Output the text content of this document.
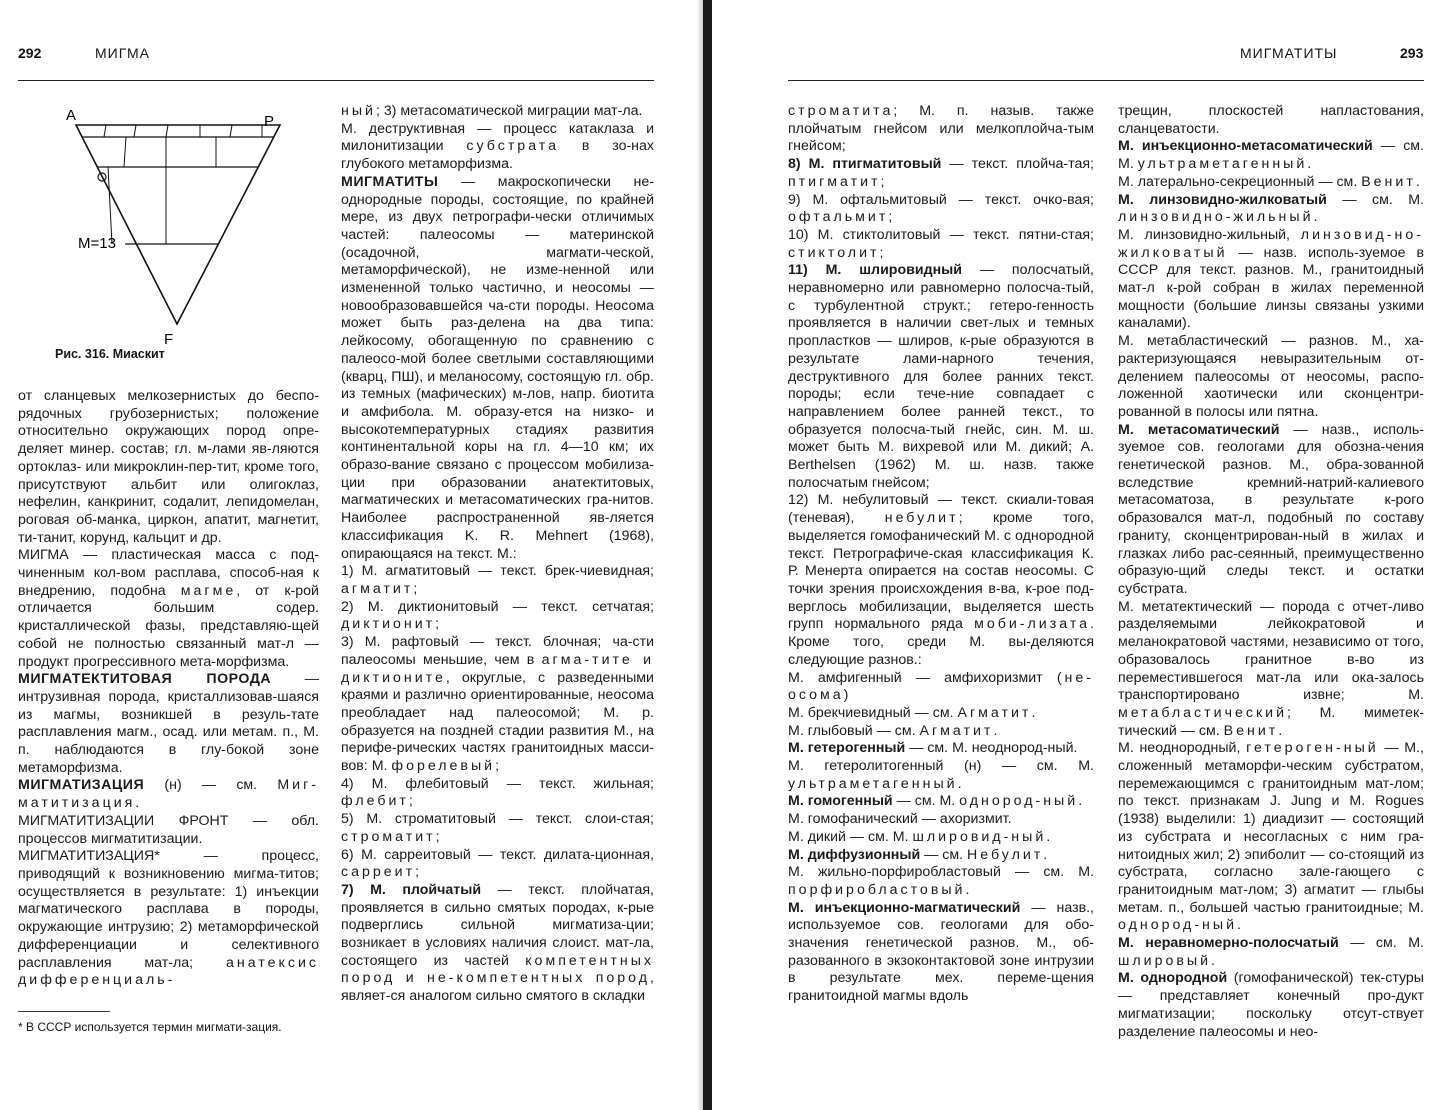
292	МИГМА
А	Р
М=13
F
Рис. 316. Миаскит

от сланцевых мелкозернистых до беспо-рядочных грубозернистых; положение относительно окружающих пород опре-деляет минер. состав; гл. м-лами яв-ляются ортоклаз- или микроклин-пер-тит, кроме того, присутствуют альбит или олигоклаз, нефелин, канкринит, содалит, лепидомелан, роговая об-манка, циркон, апатит, магнетит, ти-танит, корунд, кальцит и др.

МИГМА — пластическая масса с под-чиненным кол-вом расплава, способ-ная к внедрению, подобна магме, от к-рой отличается большим содер. кристаллической фазы, представляю-щей собой не полностью связанный мат-л — продукт прогрессивного мета-морфизма.

МИГМАТЕКТИТОВАЯ ПОРОДА — интрузивная порода, кристаллизовав-шаяся из магмы, возникшей в резуль-тате расплавления магм., осад. или метам. п., М. п. наблюдаются в глу-бокой зоне метаморфизма.

МИГМАТИЗАЦИЯ (н) — см. Миг-матитизация.

МИГМАТИТИЗАЦИИ ФРОНТ — обл. процессов мигматитизации.

МИГМАТИТИЗАЦИЯ* — процесс, приводящий к возникновению мигма-титов; осуществляется в результате: 1) инъекции магматического расплава в породы, окружающие интрузию; 2) метаморфической дифференциации и селективного расплавления мат-ла; анатексис дифференциаль-

* В СССР используется термин мигмати-зация.

ный; 3) метасоматической миграции мат-ла.

М. деструктивная — процесс катаклаза и милонитизации субстрата в зо-нах глубокого метаморфизма.

МИГМАТИТЫ — макроскопически не-однородные породы, состоящие, по крайней мере, из двух петрографи-чески отличимых частей: палеосомы — материнской (осадочной, магмати-ческой, метаморфической), не изме-ненной или измененной только частично, и неосомы — новообразовавшейся ча-сти породы. Неосома может быть раз-делена на два типа: лейкосому, обогащенную по сравнению с палеосо-мой более светлыми составляющими (кварц, ПШ), и меланосому, состоящую гл. обр. из темных (мафических) м-лов, напр. биотита и амфибола. М. образу-ется на низко- и высокотемпературных стадиях развития континентальной коры на гл. 4—10 км; их образо-вание связано с процессом мобилиза-ции при образовании анатектитовых, магматических и метасоматических гра-нитов. Наиболее распространенной яв-ляется классификация K. R. Mehnert (1968), опирающаяся на текст. М.:

1) М. агматитовый — текст. брек-чиевидная; агматит;

2) М. диктионитовый — текст. сетчатая; диктионит;

3) М. рафтовый — текст. блочная; ча-сти палеосомы меньшие, чем в агма-тите и диктионите, округлые, с разведенными краями и различно ориентированные, неосома преобладает над палеосомой; М. р. образуется на поздней стадии развития М., на перифе-рических частях гранитоидных масси-вов: М. форелевый;

4) М. флебитовый — текст. жильная; флебит;

5) М. строматитовый — текст. слои-стая; строматит;

6) М. сарреитовый — текст. дилата-ционная, сарреит;

7) М. плойчатый — текст. плойчатая, проявляется в сильно смятых породах, к-рые подверглись сильной мигматиза-ции; возникает в условиях наличия слоист. мат-ла, состоящего из частей компетентных пород и не-компетентных пород, являет-ся аналогом сильно смятого в складки

МИГМАТИТЫ	293

строматита; М. п. назыв. также плойчатым гнейсом или мелкоплойча-тым гнейсом;

8) М. птигматитовый — текст. плойча-тая; птигматит;

9) М. офтальмитовый — текст. очко-вая; офтальмит;

10) М. стиктолитовый — текст. пятни-стая; стиктолит;

11) М. шлировидный — полосчатый, неравномерно или равномерно полосча-тый, с турбулентной структ.; гетеро-генность проявляется в наличии свет-лых и темных пропластков — шлиров, к-рые образуются в результате лами-нарного течения, деструктивного для более ранних текст. породы; если тече-ние совпадает с направлением более ранней текст., то образуется полосча-тый гнейс, син. М. ш. может быть М. вихревой или М. дикий; A. Berthelsen (1962) М. ш. назв. также полосчатым гнейсом;

12) М. небулитовый — текст. скиали-товая (теневая), небулит; кроме того, выделяется гомофанический М. с однородной текст. Петрографиче-ская классификация К. Р. Менерта опирается на состав неосомы. С точки зрения происхождения в-ва, к-рое под-верглось мобилизации, выделяется шесть групп нормального ряда моби-лизата. Кроме того, среди М. вы-деляются следующие разнов.:

М. амфигенный — амфихоризмит (не-осома)

М. брекчиевидный — см. Агматит.

М. глыбовый — см. Агматит.

М. гетерогенный — см. М. неоднород-ный.

М. гетеролитогенный (н) — см. М. ультраметагенный.

М. гомогенный — см. М. однород-ный.

М. гомофанический — ахоризмит.

М. дикий — см. М. шлировид-ный.

М. диффузионный — см. Небулит.

М. жильно-порфиробластовый — см. М. порфиробластовый.

М. инъекционно-магматический — назв., используемое сов. геологами для обо-значения генетической разнов. М., об-разованного в экзоконтактовой зоне интрузии в результате мех. переме-щения гранитоидной магмы вдоль

трещин, плоскостей напластования, сланцеватости.

М. инъекционно-метасоматический — см. М. ультраметагенный.

М. латерально-секреционный — см. Венит.

М. линзовидно-жилковатый — см. М. линзовидно-жильный.

М. линзовидно-жильный, линзовид-но-жилковатый — назв. исполь-зуемое в СССР для текст. разнов. М., гранитоидный мат-л к-рой собран в жилах переменной мощности (большие линзы связаны узкими каналами).

М. метабластический — разнов. М., ха-рактеризующаяся невыразительным от-делением палеосомы от неосомы, распо-ложенной хаотически или сконцентри-рованной в полосы или пятна.

М. метасоматический — назв., исполь-зуемое сов. геологами для обозна-чения генетической разнов. М., обра-зованной вследствие кремний-натрий-калиевого метасоматоза, в результате к-рого образовался мат-л, подобный по составу граниту, сконцентрирован-ный в жилах и глазках либо рас-сеянный, преимущественно образую-щий следы текст. и остатки субстрата.

М. метатектический — порода с отчет-ливо разделяемыми лейкократовой и меланократовой частями, независимо от того, образовалось гранитное в-во из переместившегося мат-ла или ока-залось транспортировано извне; М. метабластический; М. миметек-тический — см. Венит.

М. неоднородный, гетероген-ный — М., сложенный метаморфи-ческим субстратом, перемежающимся с гранитоидным мат-лом; по текст. признакам J. Jung и M. Rogues (1938) выделили: 1) диадизит — состоящий из субстрата и несогласных с ним гра-нитоидных жил; 2) эпиболит — со-стоящий из субстрата, согласно зале-гающего с гранитоидным мат-лом; 3) агматит — глыбы метам. п., большей частью гранитоидные; М. однород-ный.

М. неравномерно-полосчатый — см. М. шлировый.

М. однородной (гомофанической) тек-стуры — представляет конечный про-дукт мигматизации; поскольку отсут-ствует разделение палеосомы и нео-
